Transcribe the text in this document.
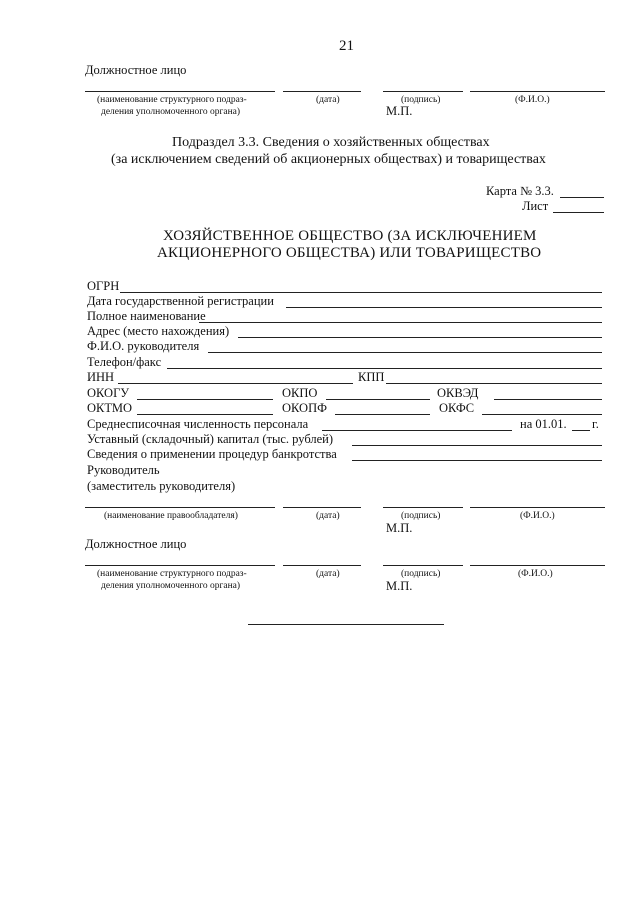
21
Должностное лицо
(наименование структурного подраз-
деления уполномоченного органа)
(дата)	(подпись)	(Ф.И.О.)
М.П.
Подраздел 3.3. Сведения о хозяйственных обществах
(за исключением сведений об акционерных обществах) и товариществах
Карта № 3.3.
Лист
ХОЗЯЙСТВЕННОЕ ОБЩЕСТВО (ЗА ИСКЛЮЧЕНИЕМ
АКЦИОНЕРНОГО ОБЩЕСТВА) ИЛИ ТОВАРИЩЕСТВО
ОГРН
Дата государственной регистрации
Полное наименование
Адрес (место нахождения)
Ф.И.О. руководителя
Телефон/факс
ИНН	КПП
ОКОГУ	ОКПО	ОКВЭД
ОКТМО	ОКОПФ	ОКФС
Среднесписочная численность персонала	на 01.01. г.
Уставный (складочный) капитал (тыс. рублей)
Сведения о применении процедур банкротства
Руководитель
(заместитель руководителя)
(наименование правообладателя)	(дата)	(подпись)	(Ф.И.О.)
М.П.
Должностное лицо
(наименование структурного подраз-
деления уполномоченного органа)
(дата)	(подпись)	(Ф.И.О.)
М.П.
